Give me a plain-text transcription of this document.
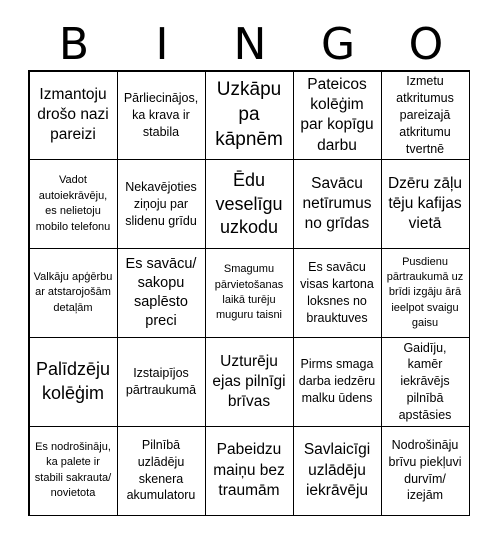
B	I	N	G	O
Izmantoju drošo nazi pareizi
Pārliecinājos, ka krava ir stabila
Uzkāpu pa kāpnēm
Pateicos kolēģim par kopīgu darbu
Izmetu atkritumus pareizajā atkritumu tvertnē
Vadot autoiekrāvēju, es nelietoju mobilo telefonu
Nekavējoties ziņoju par slidenu grīdu
Ēdu veselīgu uzkodu
Savācu netīrumus no grīdas
Dzēru zāļu tēju kafijas vietā
Valkāju apģērbu ar atstarojošām detaļām
Es savācu/ sakopu saplēsto preci
Smagumu pārvietošanas laikā turēju muguru taisni
Es savācu visas kartona loksnes no brauktuves
Pusdienu pārtraukumā uz brīdi izgāju ārā ieelpot svaigu gaisu
Palīdzēju kolēģim
Izstaipījos pārtraukumā
Uzturēju ejas pilnīgi brīvas
Pirms smaga darba iedzēru malku ūdens
Gaidīju, kamēr iekrāvējs pilnībā apstāsies
Es nodrošināju, ka palete ir stabili sakrauta/ novietota
Pilnībā uzlādēju skenera akumulatoru
Pabeidzu maiņu bez traumām
Savlaicīgi uzlādēju iekrāvēju
Nodrošināju brīvu piekļuvi durvīm/ izejām
